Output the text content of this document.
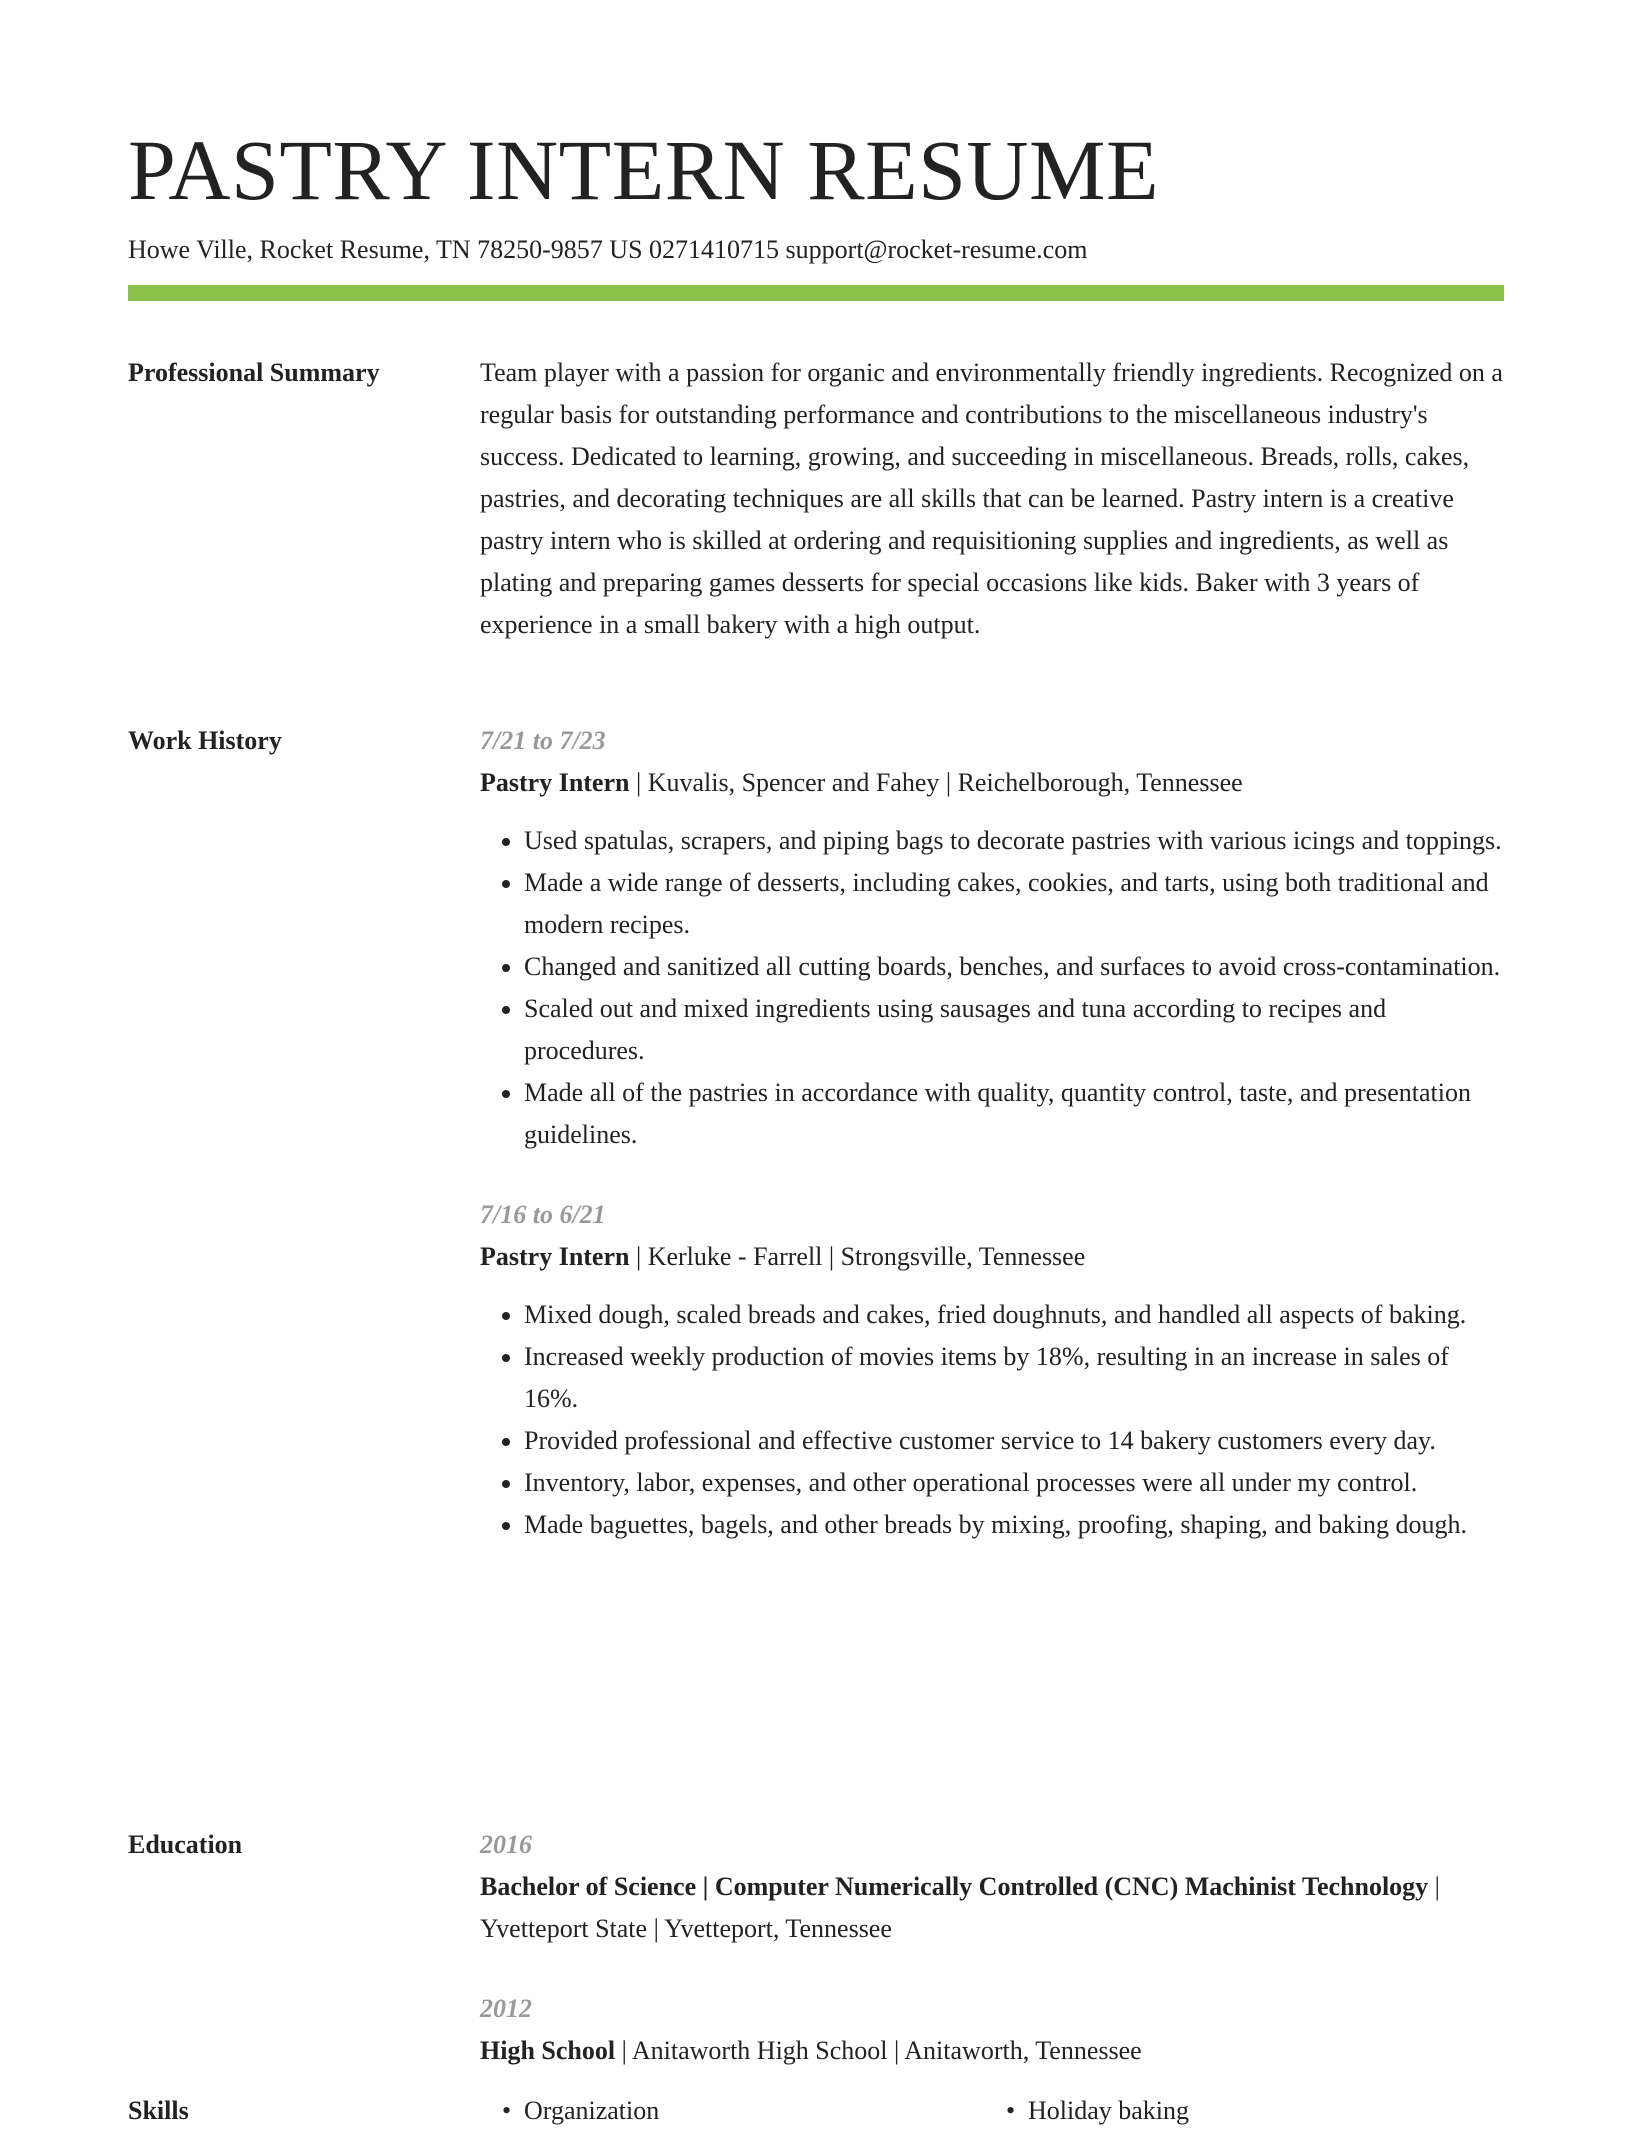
PASTRY INTERN RESUME
Howe Ville, Rocket Resume, TN 78250-9857 US 0271410715 support@rocket-resume.com
Professional Summary	Team player with a passion for organic and environmentally friendly ingredients. Recognized on a regular basis for outstanding performance and contributions to the miscellaneous industry's success. Dedicated to learning, growing, and succeeding in miscellaneous. Breads, rolls, cakes, pastries, and decorating techniques are all skills that can be learned. Pastry intern is a creative pastry intern who is skilled at ordering and requisitioning supplies and ingredients, as well as plating and preparing games desserts for special occasions like kids. Baker with 3 years of experience in a small bakery with a high output.

Work History	7/21 to 7/23
Pastry Intern | Kuvalis, Spencer and Fahey | Reichelborough, Tennessee
• Used spatulas, scrapers, and piping bags to decorate pastries with various icings and toppings.
• Made a wide range of desserts, including cakes, cookies, and tarts, using both traditional and modern recipes.
• Changed and sanitized all cutting boards, benches, and surfaces to avoid cross-contamination.
• Scaled out and mixed ingredients using sausages and tuna according to recipes and procedures.
• Made all of the pastries in accordance with quality, quantity control, taste, and presentation guidelines.
7/16 to 6/21
Pastry Intern | Kerluke - Farrell | Strongsville, Tennessee
• Mixed dough, scaled breads and cakes, fried doughnuts, and handled all aspects of baking.
• Increased weekly production of movies items by 18%, resulting in an increase in sales of 16%.
• Provided professional and effective customer service to 14 bakery customers every day.
• Inventory, labor, expenses, and other operational processes were all under my control.
• Made baguettes, bagels, and other breads by mixing, proofing, shaping, and baking dough.
Education	2016
Bachelor of Science | Computer Numerically Controlled (CNC) Machinist Technology | Yvetteport State | Yvetteport, Tennessee
2012
High School | Anitaworth High School | Anitaworth, Tennessee
Skills	• Organization	• Holiday baking
